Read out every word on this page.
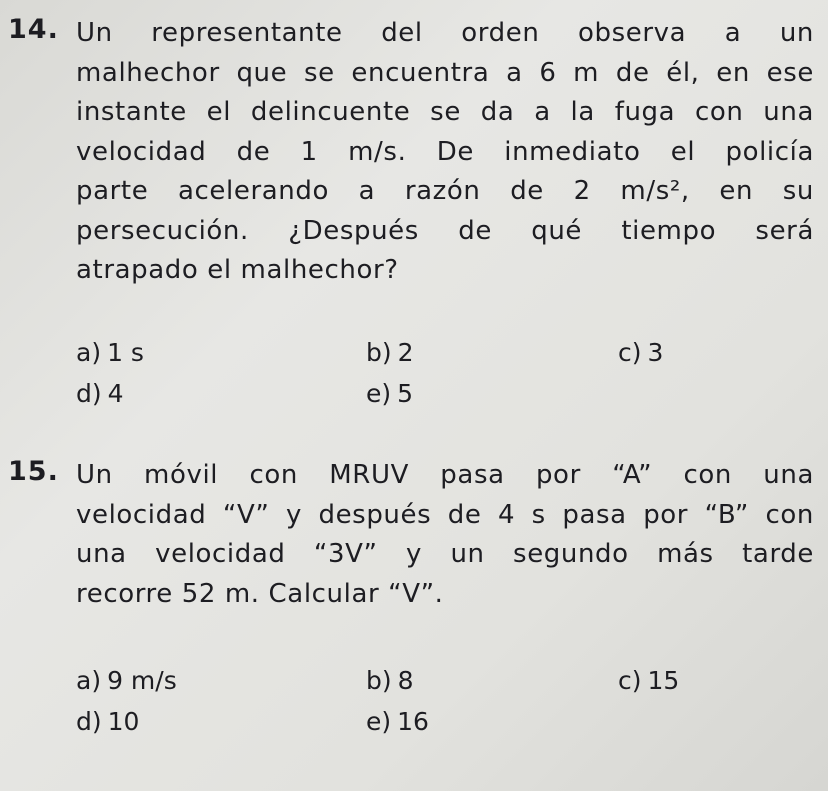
14. Un representante del orden observa a un
malhechor que se encuentra a 6 m de él, en ese
instante el delincuente se da a la fuga con una
velocidad de 1 m/s. De inmediato el policía
parte acelerando a razón de 2 m/s², en su
persecución. ¿Después de qué tiempo será
atrapado el malhechor?
a) 1 s	b) 2	c) 3
d) 4	e) 5
15. Un móvil con MRUV pasa por “A” con una
velocidad “V” y después de 4 s pasa por “B” con
una velocidad “3V” y un segundo más tarde
recorre 52 m. Calcular “V”.
a) 9 m/s	b) 8	c) 15
d) 10	e) 16
